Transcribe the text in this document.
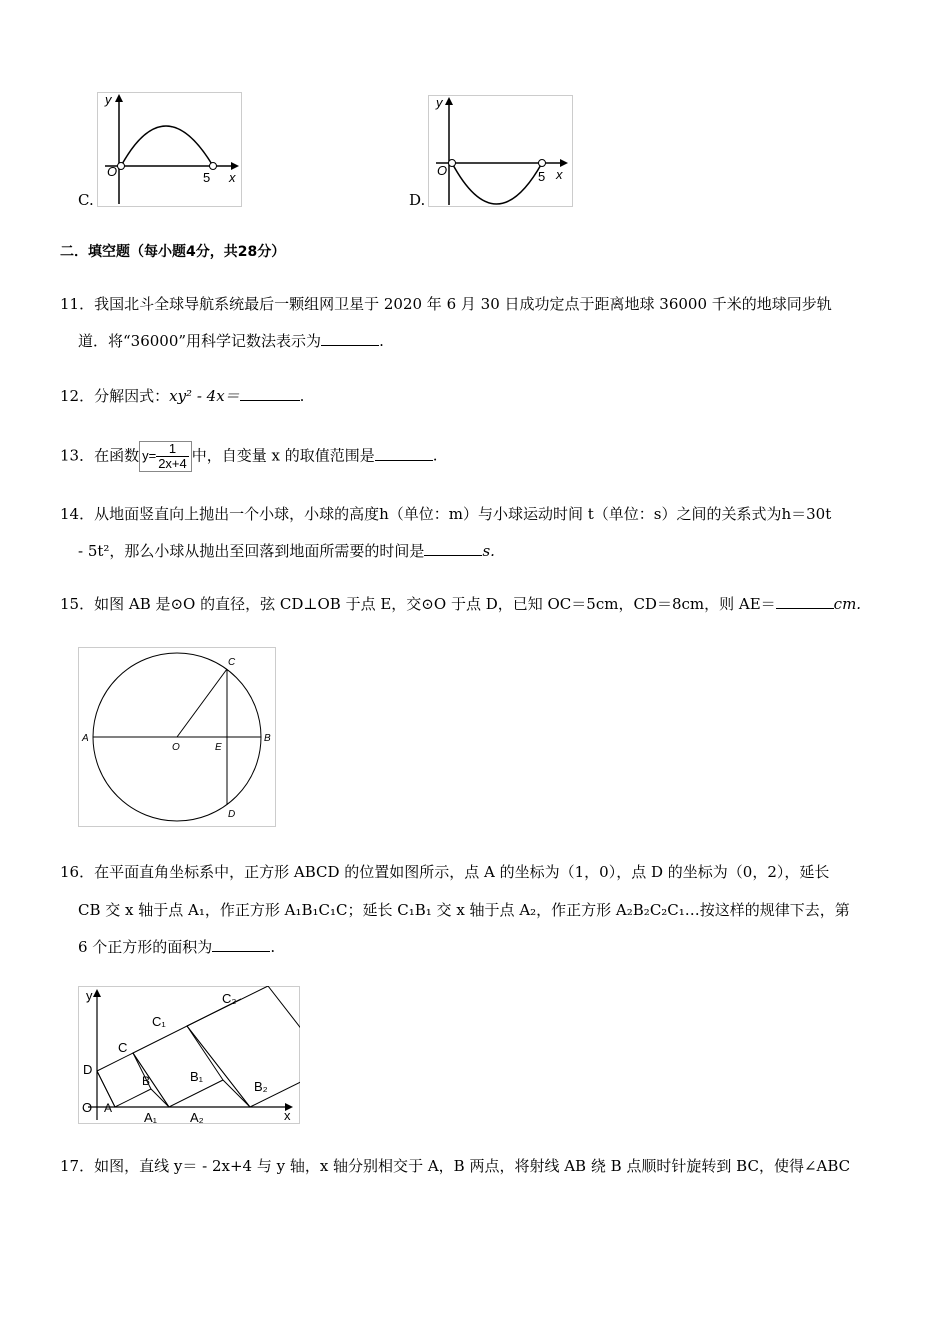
y
O	5 x
C.
y
O	5 x
D.
二．填空题（每小题4分，共28分）
11．我国北斗全球导航系统最后一颗组网卫星于 2020 年 6 月 30 日成功定点于距离地球 36000 千米的地球同步轨
道．将“36000”用科学记数法表示为	.
12．分解因式：xy² - 4x＝	.
13．在函数 $y= \frac{1}{2x+4}$ 中，自变量 x 的取值范围是	.
14．从地面竖直向上抛出一个小球，小球的高度h（单位：m）与小球运动时间 t（单位：s）之间的关系式为h＝30t
- 5t²，那么小球从抛出至回落到地面所需要的时间是	s.
15．如图 AB 是⊙O 的直径，弦 CD⊥OB 于点 E，交⊙O 于点 D，已知 OC＝5cm，CD＝8cm，则 AE＝	cm.
A	B
C
D
E
O
16．在平面直角坐标系中，正方形 ABCD 的位置如图所示，点 A 的坐标为（1，0），点 D 的坐标为（0，2），延长
CB 交 x 轴于点 A₁，作正方形 A₁B₁C₁C；延长 C₁B₁ 交 x 轴于点 A₂，作正方形 A₂B₂C₂C₁…按这样的规律下去，第
6 个正方形的面积为	.
y
x
O A
D
C
B
A₁
B₁
C₁
A₂
B₂
C₂
17．如图，直线 y＝ - 2x+4 与 y 轴，x 轴分别相交于 A，B 两点，将射线 AB 绕 B 点顺时针旋转到 BC，使得∠ABC
